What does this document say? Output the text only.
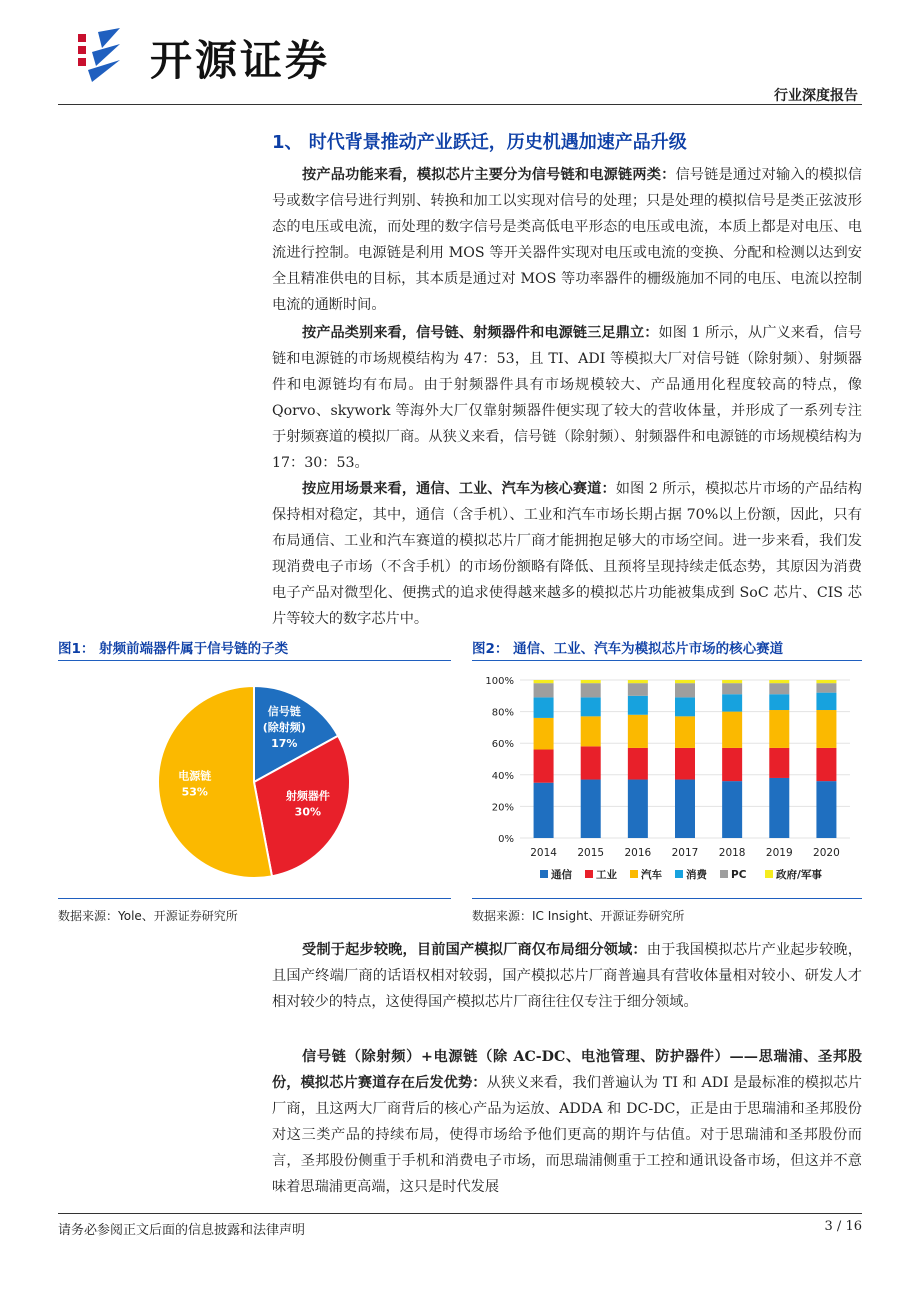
开源证券
行业深度报告
1、 时代背景推动产业跃迁，历史机遇加速产品升级

按产品功能来看，模拟芯片主要分为信号链和电源链两类：信号链是通过对输入的模拟信号或数字信号进行判别、转换和加工以实现对信号的处理；只是处理的模拟信号是类正弦波形态的电压或电流，而处理的数字信号是类高低电平形态的电压或电流，本质上都是对电压、电流进行控制。电源链是利用 MOS 等开关器件实现对电压或电流的变换、分配和检测以达到安全且精准供电的目标，其本质是通过对 MOS 等功率器件的栅级施加不同的电压、电流以控制电流的通断时间。

按产品类别来看，信号链、射频器件和电源链三足鼎立：如图 1 所示，从广义来看，信号链和电源链的市场规模结构为 47：53，且 TI、ADI 等模拟大厂对信号链（除射频）、射频器件和电源链均有布局。由于射频器件具有市场规模较大、产品通用化程度较高的特点，像 Qorvo、skywork 等海外大厂仅靠射频器件便实现了较大的营收体量，并形成了一系列专注于射频赛道的模拟厂商。从狭义来看，信号链（除射频）、射频器件和电源链的市场规模结构为 17：30：53。

按应用场景来看，通信、工业、汽车为核心赛道：如图 2 所示，模拟芯片市场的产品结构保持相对稳定，其中，通信（含手机）、工业和汽车市场长期占据 70%以上份额，因此，只有布局通信、工业和汽车赛道的模拟芯片厂商才能拥抱足够大的市场空间。进一步来看，我们发现消费电子市场（不含手机）的市场份额略有降低、且预将呈现持续走低态势，其原因为消费电子产品对微型化、便携式的追求使得越来越多的模拟芯片功能被集成到 SoC 芯片、CIS 芯片等较大的数字芯片中。

图1： 射频前端器件属于信号链的子类
信号链(除射频) 17%
射频器件 30%
电源链 53%
数据来源：Yole、开源证券研究所
图2： 通信、工业、汽车为模拟芯片市场的核心赛道
0%
20%
40%
60%
80%
100%
2014 2015 2016 2017 2018 2019 2020
通信 工业 汽车 消费 PC	政府/军事
数据来源：IC Insight、开源证券研究所

受制于起步较晚，目前国产模拟厂商仅布局细分领域：由于我国模拟芯片产业起步较晚，且国产终端厂商的话语权相对较弱，国产模拟芯片厂商普遍具有营收体量相对较小、研发人才相对较少的特点，这使得国产模拟芯片厂商往往仅专注于细分领域。

信号链（除射频）+电源链（除 AC-DC、电池管理、防护器件）——思瑞浦、圣邦股份，模拟芯片赛道存在后发优势：从狭义来看，我们普遍认为 TI 和 ADI 是最标准的模拟芯片厂商，且这两大厂商背后的核心产品为运放、ADDA 和 DC-DC，正是由于思瑞浦和圣邦股份对这三类产品的持续布局，使得市场给予他们更高的期许与估值。对于思瑞浦和圣邦股份而言，圣邦股份侧重于手机和消费电子市场，而思瑞浦侧重于工控和通讯设备市场，但这并不意味着思瑞浦更高端，这只是时代发展

请务必参阅正文后面的信息披露和法律声明	3 / 16
